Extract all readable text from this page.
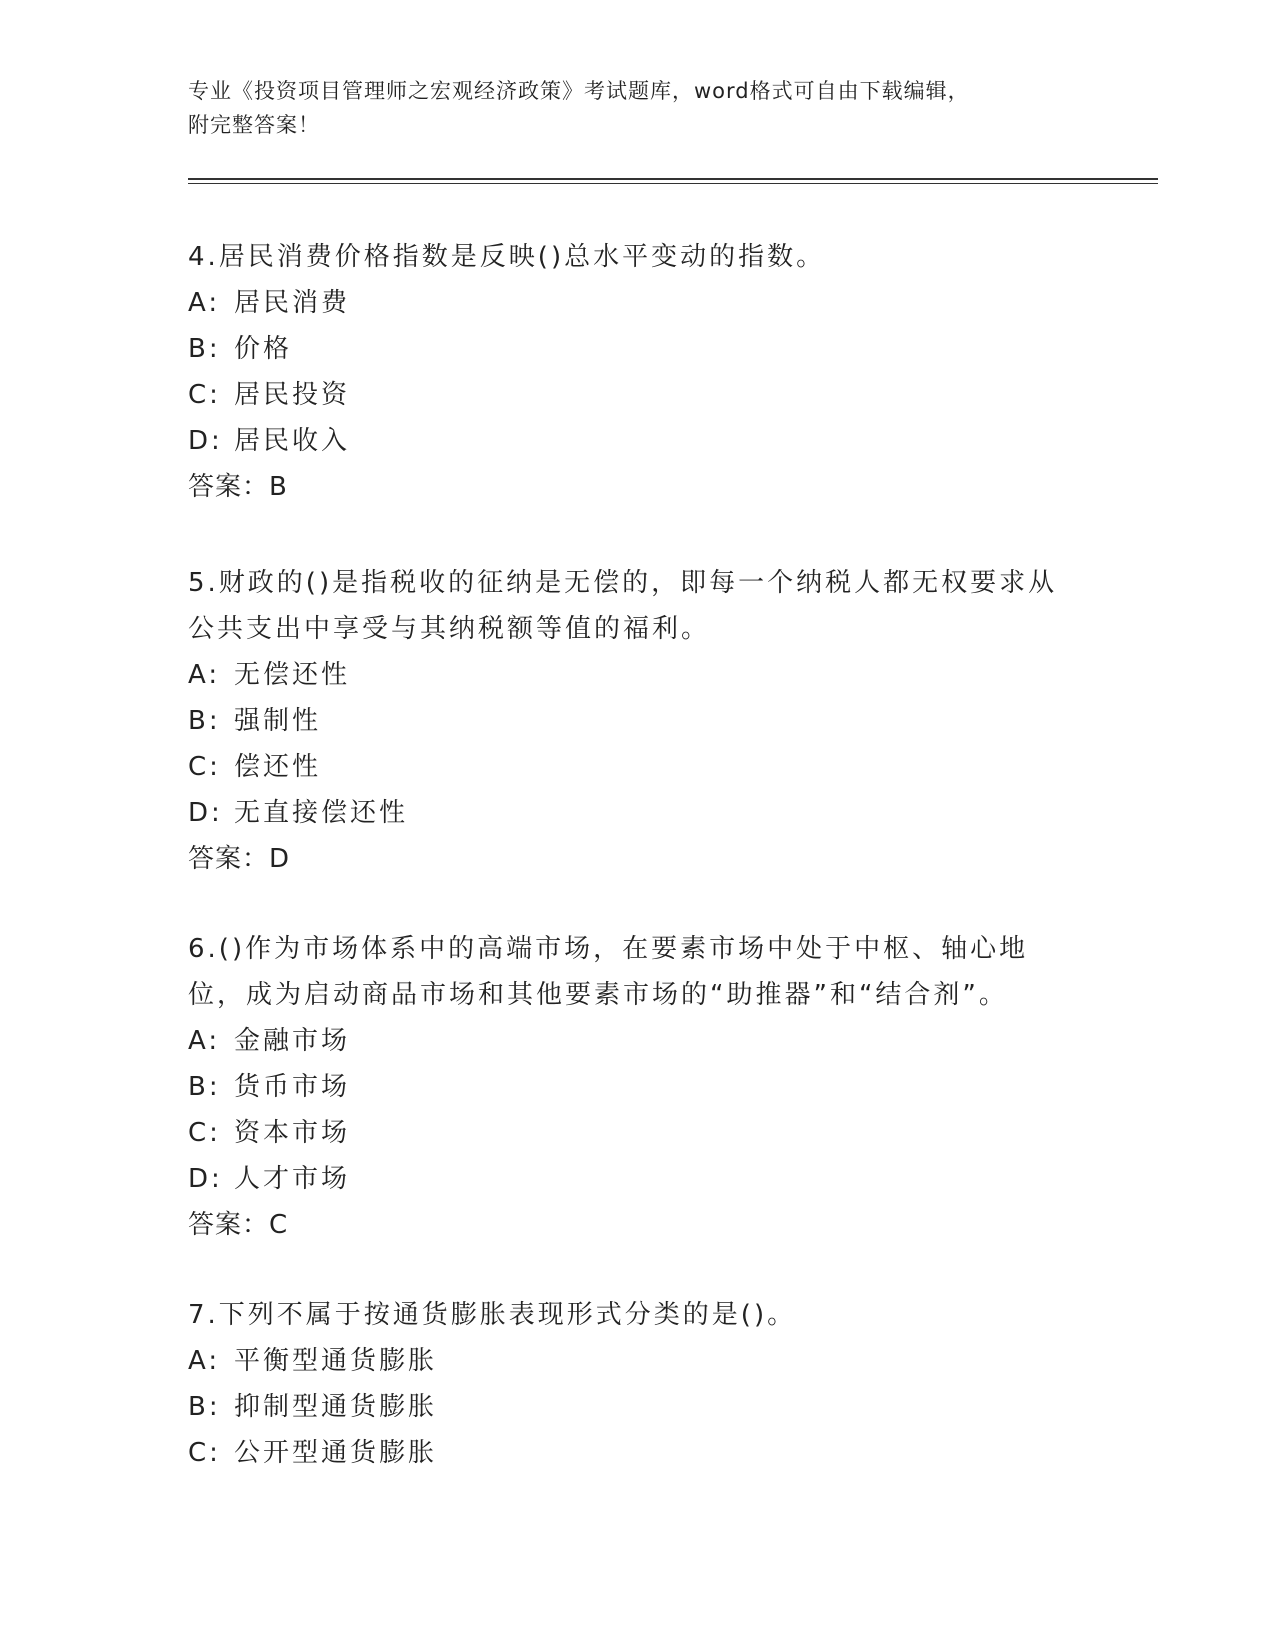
专业《投资项目管理师之宏观经济政策》考试题库，word格式可自由下载编辑，
附完整答案！
4.居民消费价格指数是反映()总水平变动的指数。
A: 居民消费
B: 价格
C: 居民投资
D: 居民收入
答案：B
5.财政的()是指税收的征纳是无偿的，即每一个纳税人都无权要求从公共支出中享受与其纳税额等值的福利。
A: 无偿还性
B: 强制性
C: 偿还性
D: 无直接偿还性
答案：D
6.()作为市场体系中的高端市场，在要素市场中处于中枢、轴心地位，成为启动商品市场和其他要素市场的“助推器”和“结合剂”。
A: 金融市场
B: 货币市场
C: 资本市场
D: 人才市场
答案：C
7.下列不属于按通货膨胀表现形式分类的是()。
A: 平衡型通货膨胀
B: 抑制型通货膨胀
C: 公开型通货膨胀
